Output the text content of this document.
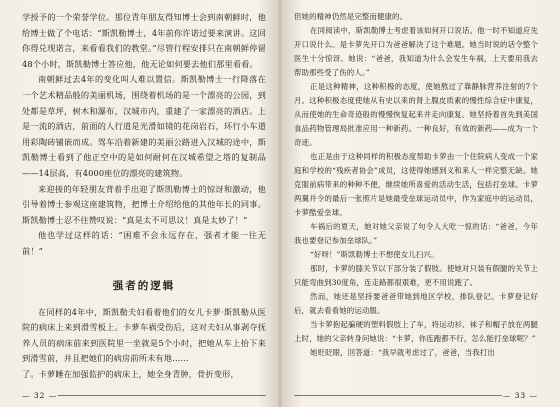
学授予的一个荣誉学位。那位青年朋友得知博士会到南朝鲜时，他给博士做了个电话：“斯凯勒博士，4年前你许诺过要来演讲。这回你得兑现诺言，来看看我们的教堂。”尽管行程安排只在南朝鲜停留48个小时，斯凯勒博士答应他，他无论如何要去他们那里看看。

南朝鲜过去4年的变化叫人难以置信。斯凯勒博士一行降落在一个艺术精品般的美丽机场，围绕着机场的是一个漂亮的公园，到处都是草坪，树木和瀑布，汉城市内，重建了一家漂亮的酒店。上是一流的酒店，前面的人行道是光滑如镜的花岗岩石，环行小车道用彩陶砖铺嵌而成。驾车沿着新建的美丽公路进入汉城的途中，斯凯勒博士看到了他正空中的是如何耐何在汉城希望之塔的复制品——14层高，有4000座位的漂亮的建筑物。

来迎接的年轻朋友背着手出迎了斯凯勒博士的惊讶和激动，他引导着博士参观这座建筑物，把博士介绍给他的其他年长的同事。斯凯勒博士忍不住赞叹说：“真是太不可思议！真是太妙了！”

他也学过这样的话：“困难不会永远存在，强者才能一往无前！”

强者的逻辑

在同样的4年中，斯凯勒夫妇看着他们的女儿卡萝·斯凯勒从医院的病床上来到滑雪板上。卡萝车祸受伤后，这对夫妇从事剥夺抚养人员的病床前来到医院里一坐就是5个小时，把她从车上抬下来到滑雪前，并且把她们的病房前所未有地……

了。卡萝睡在加强监护的病床上，她全身青肿，骨折变形，

— 32 —

但她的精神仍然是完整而健康的。

在同阅读中，斯凯勒博士考虑着该如何开口说话。他一时不知道应先开口说什么。是卡萝先开口为爸爸解决了这个难题。她当时说的话令整个医生十分惊讶。她说：“爸爸，我知道为什么会发生车祸，上天要用我去帮助那些受了伤的人。”

正是这种精神，这种积极的态度，使她熬过了靠静脉营养注射的7个月。这种积极态度使她从有史以来的肾上腺皮质素的慢性综合症中康复，从而使她的生命奇迹般的慢慢恢复起来并走向康复。她坚持着首先到美国食品药物管理局批准应用一种新药。一种良好，有效的新药——成为一个奇迹。

也正是由于这种同样的积极态度帮助卡萝由一个住院病人变成一个家庭和学校的“残疾者协会”成员，这使得她感到义和来人一样完整无缺。她克服前病带来的种种不便，继续她所喜爱的活动生活，包括打垒球。卡萝两翼并令的最后一张照片是她最受垒球运动员中，作为家庭中的运动员，卡萝酷爱垒球。

车祸后的夏天，她对她父亲说了句令人大吃一惊的话：“爸爸，今年我也要登记参加垒球队。”

“好呀！”斯凯勒博士不想使女儿扫兴。

那时，卡萝的膝关节以下部分装了假肢。使她对只装有假腿的关节上只能弯曲到30度角，连走路都很艰难，更不用说跑了。

然而，她还是坚持要爸爸带她到地区学校，排队登记。卡萝登记好后，就去看看她的运动服。

当卡萝抱起骗硬的塑料假肢上了车，将运动衫、袜子和帽子放在两腿上时，她的父亲转身问她说：“卡萝，你连跑都不行，怎么能打垒球呢？”

她贬眨眼，回答道：“我早就考虑过了，爸爸，当我打出

— 33 —
